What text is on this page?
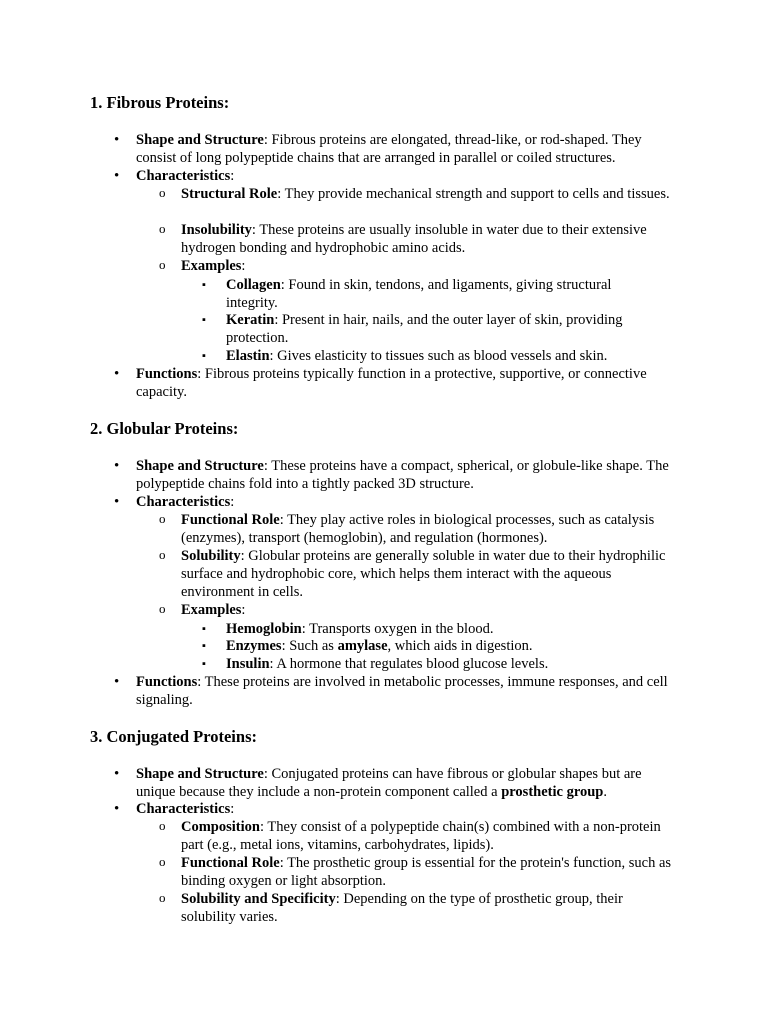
1. Fibrous Proteins:
• Shape and Structure: Fibrous proteins are elongated, thread-like, or rod-shaped. They consist of long polypeptide chains that are arranged in parallel or coiled structures.
• Characteristics:
o Structural Role: They provide mechanical strength and support to cells and tissues.
o Insolubility: These proteins are usually insoluble in water due to their extensive hydrogen bonding and hydrophobic amino acids.
o Examples:
▪ Collagen: Found in skin, tendons, and ligaments, giving structural integrity.
▪ Keratin: Present in hair, nails, and the outer layer of skin, providing protection.
▪ Elastin: Gives elasticity to tissues such as blood vessels and skin.
• Functions: Fibrous proteins typically function in a protective, supportive, or connective capacity.
2. Globular Proteins:
• Shape and Structure: These proteins have a compact, spherical, or globule-like shape. The polypeptide chains fold into a tightly packed 3D structure.
• Characteristics:
o Functional Role: They play active roles in biological processes, such as catalysis (enzymes), transport (hemoglobin), and regulation (hormones).
o Solubility: Globular proteins are generally soluble in water due to their hydrophilic surface and hydrophobic core, which helps them interact with the aqueous environment in cells.
o Examples:
▪ Hemoglobin: Transports oxygen in the blood.
▪ Enzymes: Such as amylase, which aids in digestion.
▪ Insulin: A hormone that regulates blood glucose levels.
• Functions: These proteins are involved in metabolic processes, immune responses, and cell signaling.
3. Conjugated Proteins:
• Shape and Structure: Conjugated proteins can have fibrous or globular shapes but are unique because they include a non-protein component called a prosthetic group.
• Characteristics:
o Composition: They consist of a polypeptide chain(s) combined with a non-protein part (e.g., metal ions, vitamins, carbohydrates, lipids).
o Functional Role: The prosthetic group is essential for the protein's function, such as binding oxygen or light absorption.
o Solubility and Specificity: Depending on the type of prosthetic group, their solubility varies.
